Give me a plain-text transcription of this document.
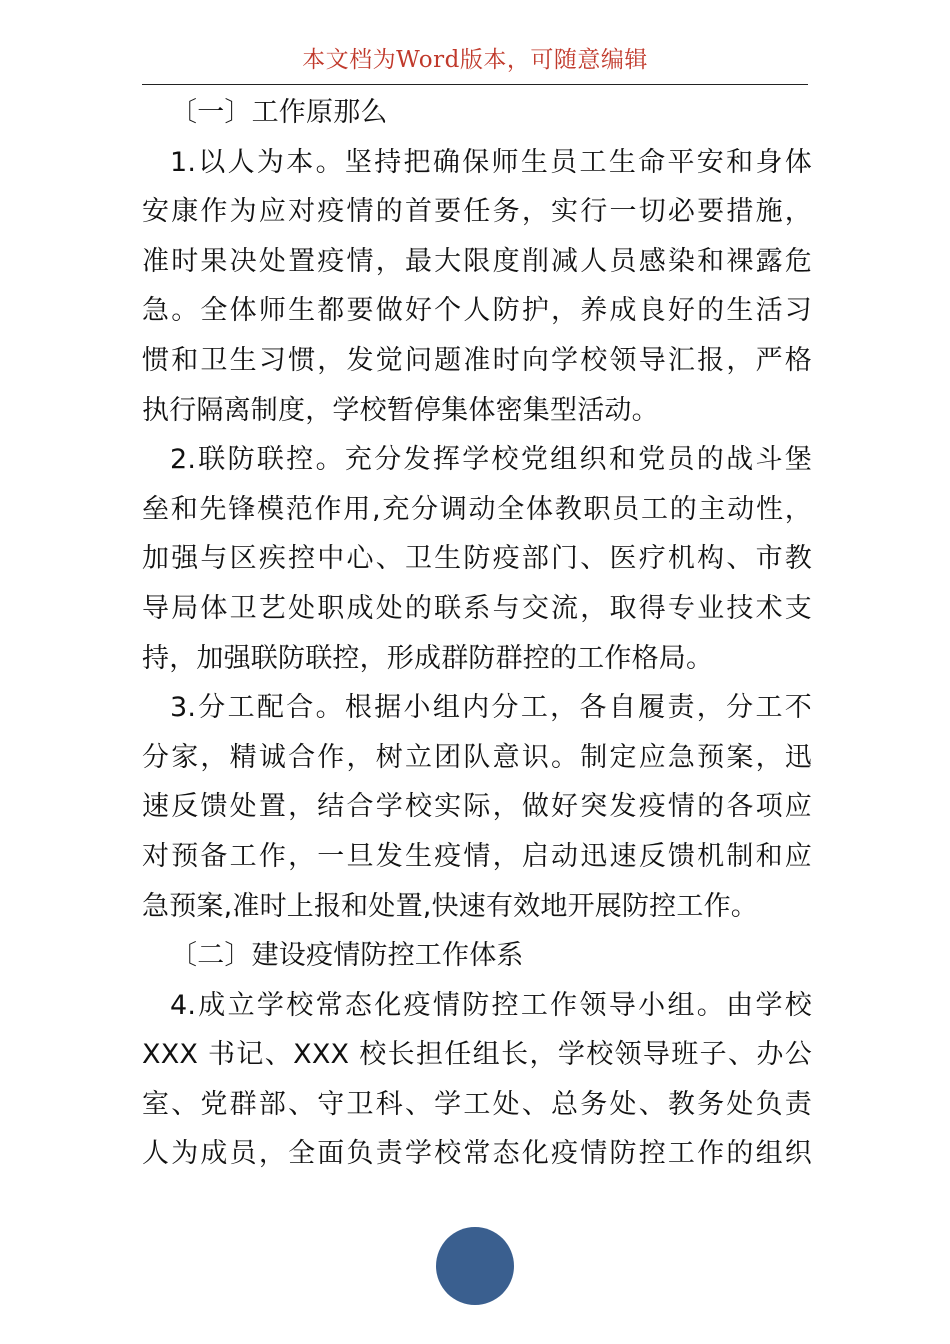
本文档为Word版本，可随意编辑
〔一〕工作原那么
1.以人为本。坚持把确保师生员工生命平安和身体
安康作为应对疫情的首要任务，实行一切必要措施，
准时果决处置疫情，最大限度削减人员感染和裸露危
急。全体师生都要做好个人防护，养成良好的生活习
惯和卫生习惯，发觉问题准时向学校领导汇报，严格
执行隔离制度，学校暂停集体密集型活动。
2.联防联控。充分发挥学校党组织和党员的战斗堡
垒和先锋模范作用,充分调动全体教职员工的主动性，
加强与区疾控中心、卫生防疫部门、医疗机构、市教
导局体卫艺处职成处的联系与交流，取得专业技术支
持，加强联防联控，形成群防群控的工作格局。
3.分工配合。根据小组内分工，各自履责，分工不
分家，精诚合作，树立团队意识。制定应急预案，迅
速反馈处置，结合学校实际，做好突发疫情的各项应
对预备工作，一旦发生疫情，启动迅速反馈机制和应
急预案,准时上报和处置,快速有效地开展防控工作。
〔二〕建设疫情防控工作体系
4.成立学校常态化疫情防控工作领导小组。由学校
XXX 书记、XXX 校长担任组长，学校领导班子、办公
室、党群部、守卫科、学工处、总务处、教务处负责
人为成员，全面负责学校常态化疫情防控工作的组织
